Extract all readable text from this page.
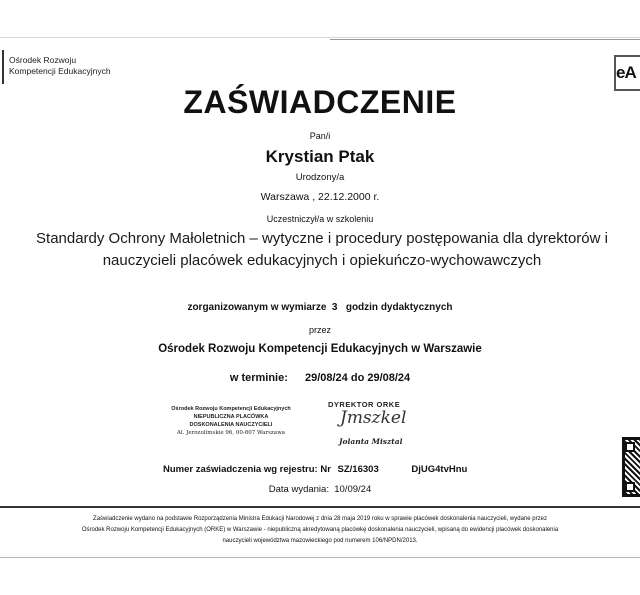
Ośrodek Rozwoju
Kompetencji Edukacyjnych	eA
ZAŚWIADCZENIE
Pan/i
Krystian Ptak
Urodzony/a
Warszawa , 22.12.2000 r.
Uczestniczył/a w szkoleniu
Standardy Ochrony Małoletnich – wytyczne i procedury postępowania dla dyrektorów i
nauczycieli placówek edukacyjnych i opiekuńczo-wychowawczych
zorganizowanym w wymiarze  3   godzin dydaktycznych
przez
Ośrodek Rozwoju Kompetencji Edukacyjnych w Warszawie
w terminie: 29/08/24 do 29/08/24
Ośrodek Rozwoju Kompetencji Edukacyjnych
NIEPUBLICZNA PLACÓWKA
DOSKONALENIA NAUCZYCIELI
Al. Jerozolimskie 96, 00-807 Warszawa
DYREKTOR ORKE
Jmszkel
Jolanta Misztal
Numer zaświadczenia wg rejestru: Nr SZ/16303	DjUG4tvHnu
Data wydania:  10/09/24
Zaświadczenie wydano na podstawie Rozporządzenia Ministra Edukacji Narodowej z dnia 28 maja 2019 roku w sprawie placówek doskonalenia nauczycieli, wydane przez
Ośrodek Rozwoju Kompetencji Edukacyjnych (ORKE) w Warszawie - niepubliczną akredytowaną placówkę doskonalenia nauczycieli, wpisaną do ewidencji placówek doskonalenia
nauczycieli województwa mazowieckiego pod numerem 106/NPDN/2013.
